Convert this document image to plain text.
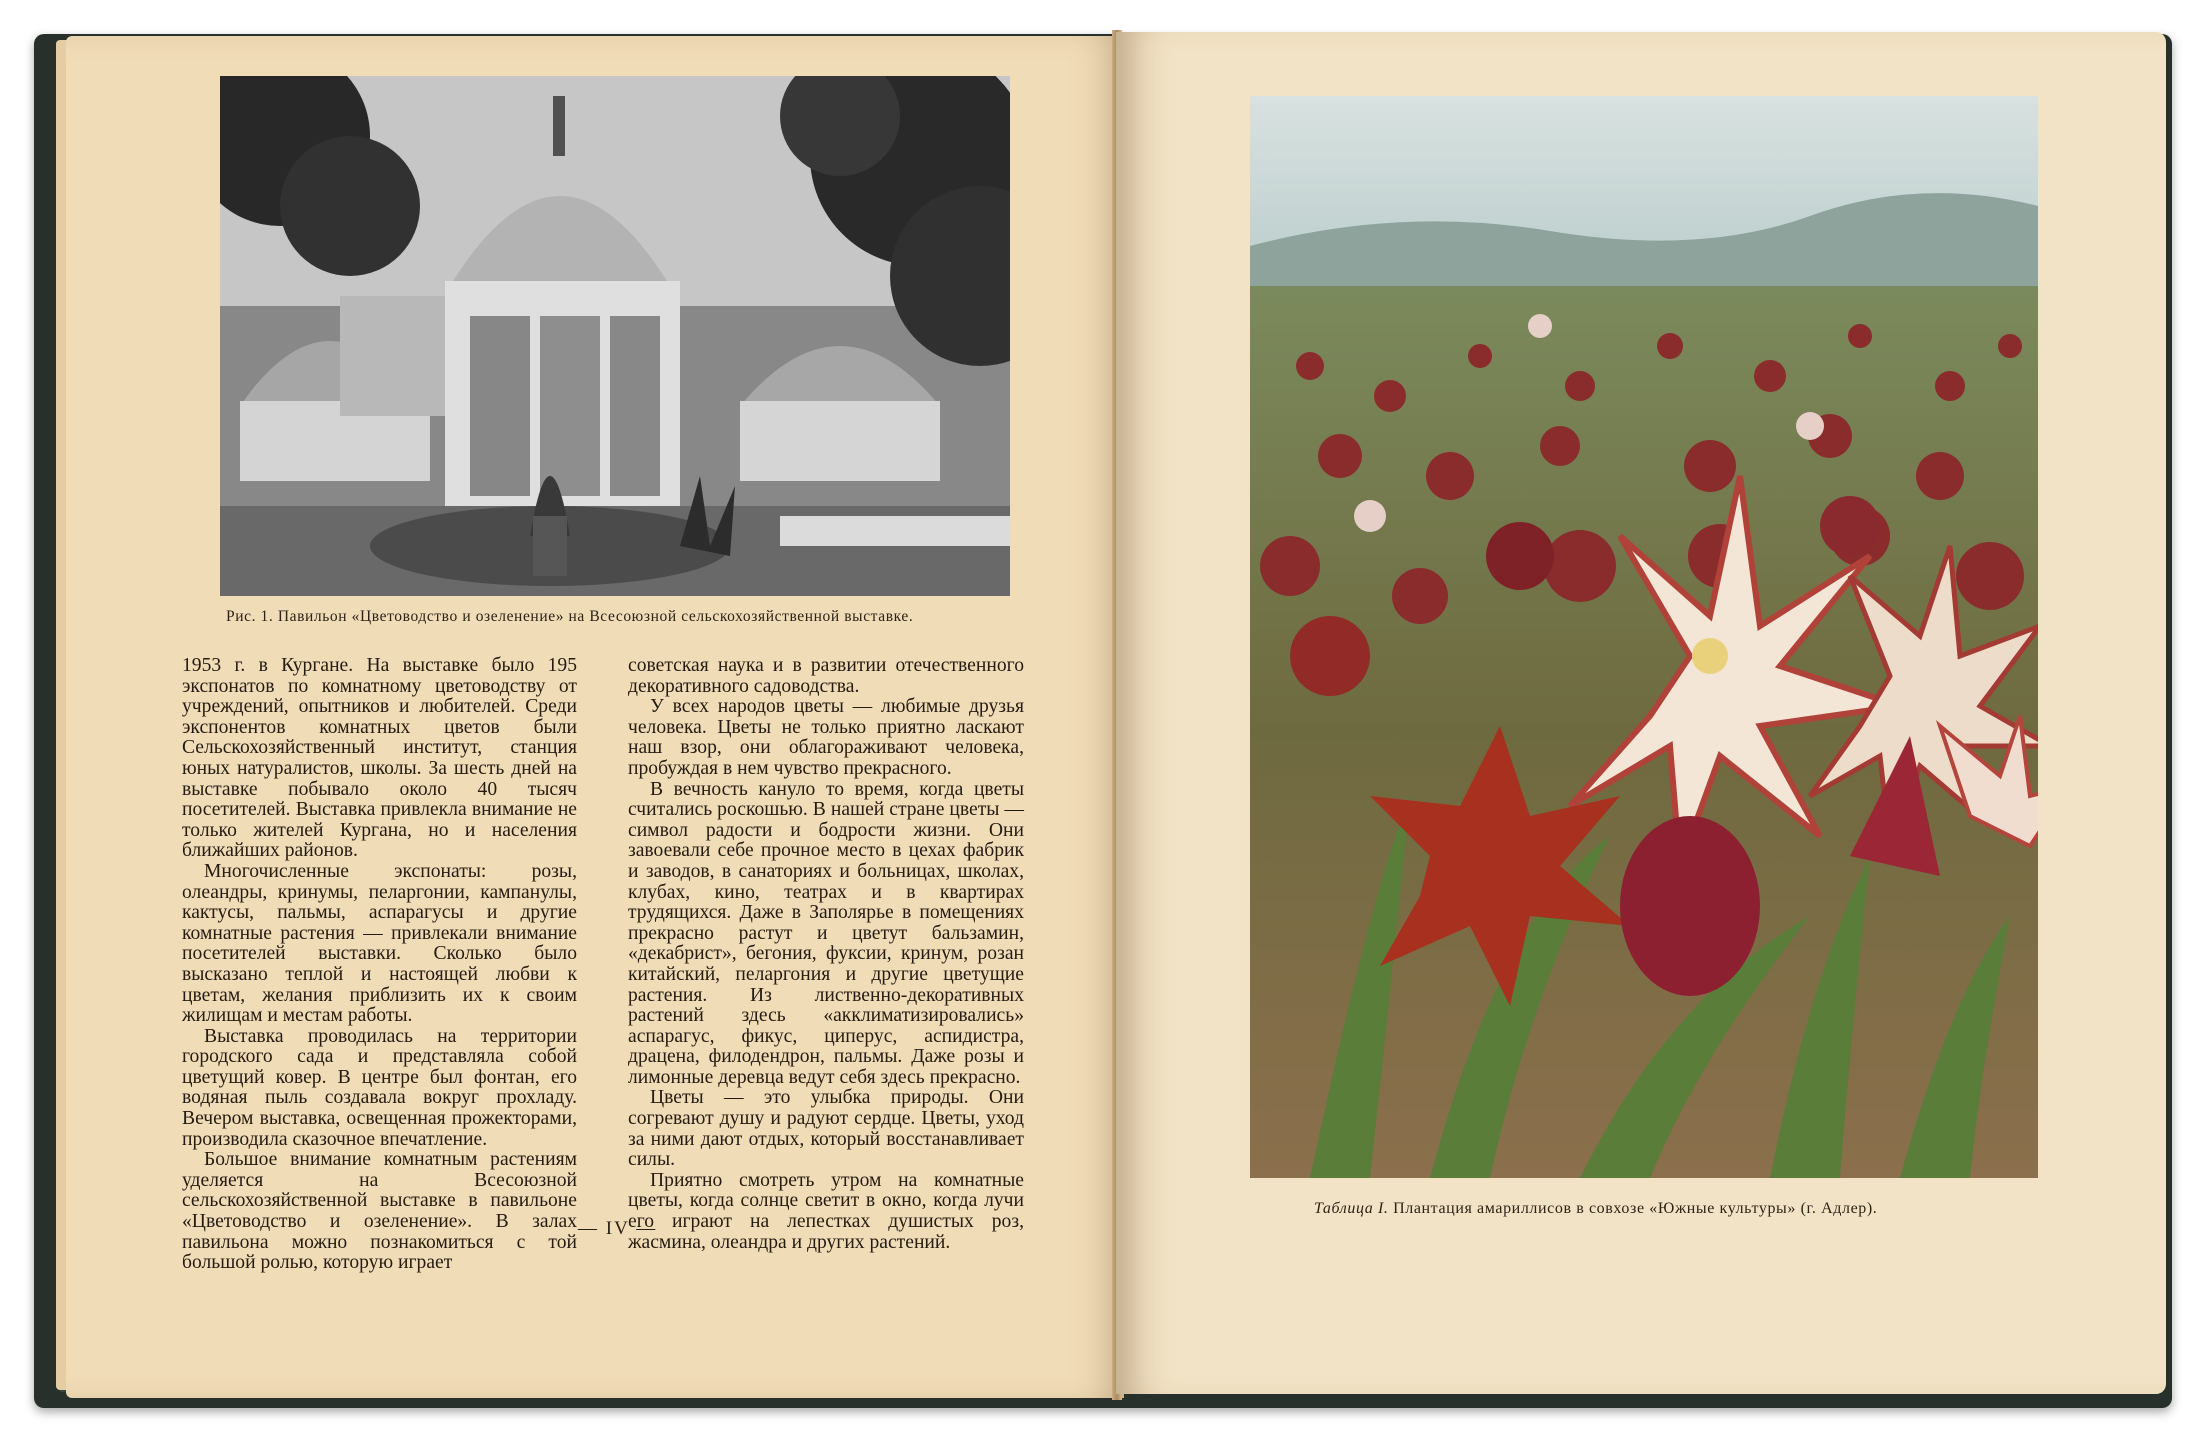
Рис. 1. Павильон «Цветоводство и озеленение» на Всесоюзной сельскохозяйственной выставке.

1953 г. в Кургане. На выставке было 195 экспонатов по комнатному цветоводству от учреждений, опытников и любителей. Среди экспонентов комнатных цветов были Сельскохозяйственный институт, станция юных натуралистов, школы. За шесть дней на выставке побывало около 40 тысяч посетителей. Выставка привлекла внимание не только жителей Кургана, но и населения ближайших районов.

Многочисленные экспонаты: розы, олеандры, кринумы, пеларгонии, кампанулы, кактусы, пальмы, аспарагусы и другие комнатные растения — привлекали внимание посетителей выставки. Сколько было высказано теплой и настоящей любви к цветам, желания приблизить их к своим жилищам и местам работы.

Выставка проводилась на территории городского сада и представляла собой цветущий ковер. В центре был фонтан, его водяная пыль создавала вокруг прохладу. Вечером выставка, освещенная прожекторами, производила сказочное впечатление.

Большое внимание комнатным растениям уделяется на Всесоюзной сельскохозяйственной выставке в павильоне «Цветоводство и озеленение». В залах павильона можно познакомиться с той большой ролью, которую играет

советская наука и в развитии отечественного декоративного садоводства.

У всех народов цветы — любимые друзья человека. Цветы не только приятно ласкают наш взор, они облагораживают человека, пробуждая в нем чувство прекрасного.

В вечность кануло то время, когда цветы считались роскошью. В нашей стране цветы — символ радости и бодрости жизни. Они завоевали себе прочное место в цехах фабрик и заводов, в санаториях и больницах, школах, клубах, кино, театрах и в квартирах трудящихся. Даже в Заполярье в помещениях прекрасно растут и цветут бальзамин, «декабрист», бегония, фуксии, кринум, розан китайский, пеларгония и другие цветущие растения. Из лиственно-декоративных растений здесь «акклиматизировались» аспарагус, фикус, циперус, аспидистра, драцена, филодендрон, пальмы. Даже розы и лимонные деревца ведут себя здесь прекрасно.

Цветы — это улыбка природы. Они согревают душу и радуют сердце. Цветы, уход за ними дают отдых, который восстанавливает силы.

Приятно смотреть утром на комнатные цветы, когда солнце светит в окно, когда лучи его играют на лепестках душистых роз, жасмина, олеандра и других растений.

— IV —
Таблица I. Плантация амариллисов в совхозе «Южные культуры» (г. Адлер).
